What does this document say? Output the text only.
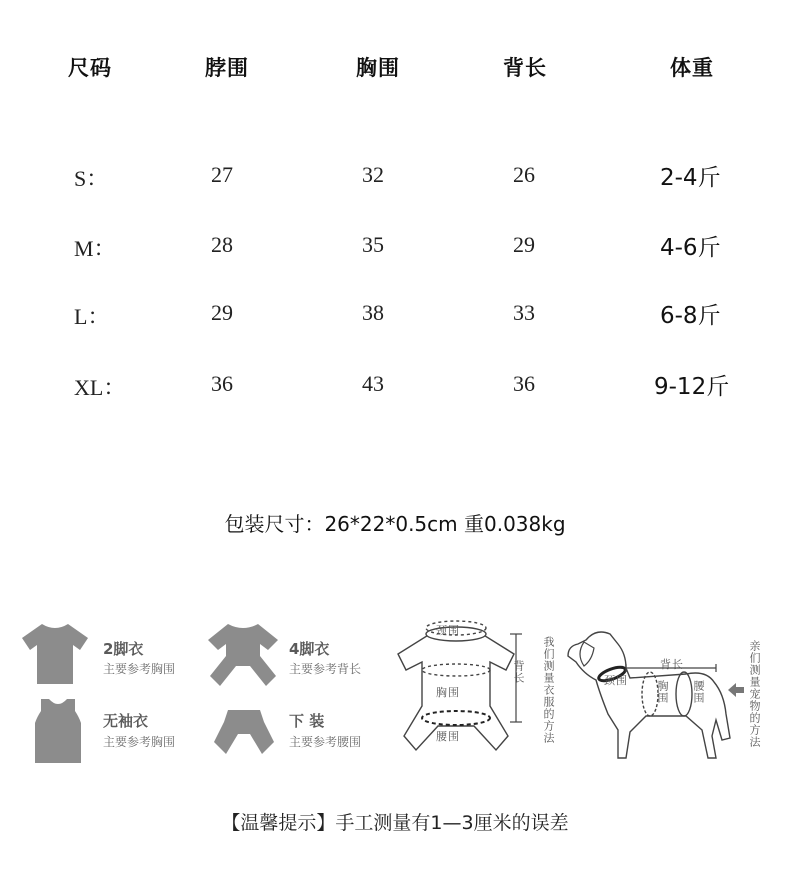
尺码	脖围	胸围	背长	体重
S：	27	32	26	2-4斤
M：	28	35	29	4-6斤
L：	29	38	33	6-8斤
XL：	36	43	36	9-12斤
包装尺寸：26*22*0.5cm 重0.038kg
2脚衣
主要参考胸围
4脚衣
主要参考背长
无袖衣
主要参考胸围
下 装
主要参考腰围
颈围
胸围
腰围
背长 我们测量衣服的方法	背长
颈围	胸围 腰围	亲们测量宠物的方法
【温馨提示】手工测量有1—3厘米的误差
